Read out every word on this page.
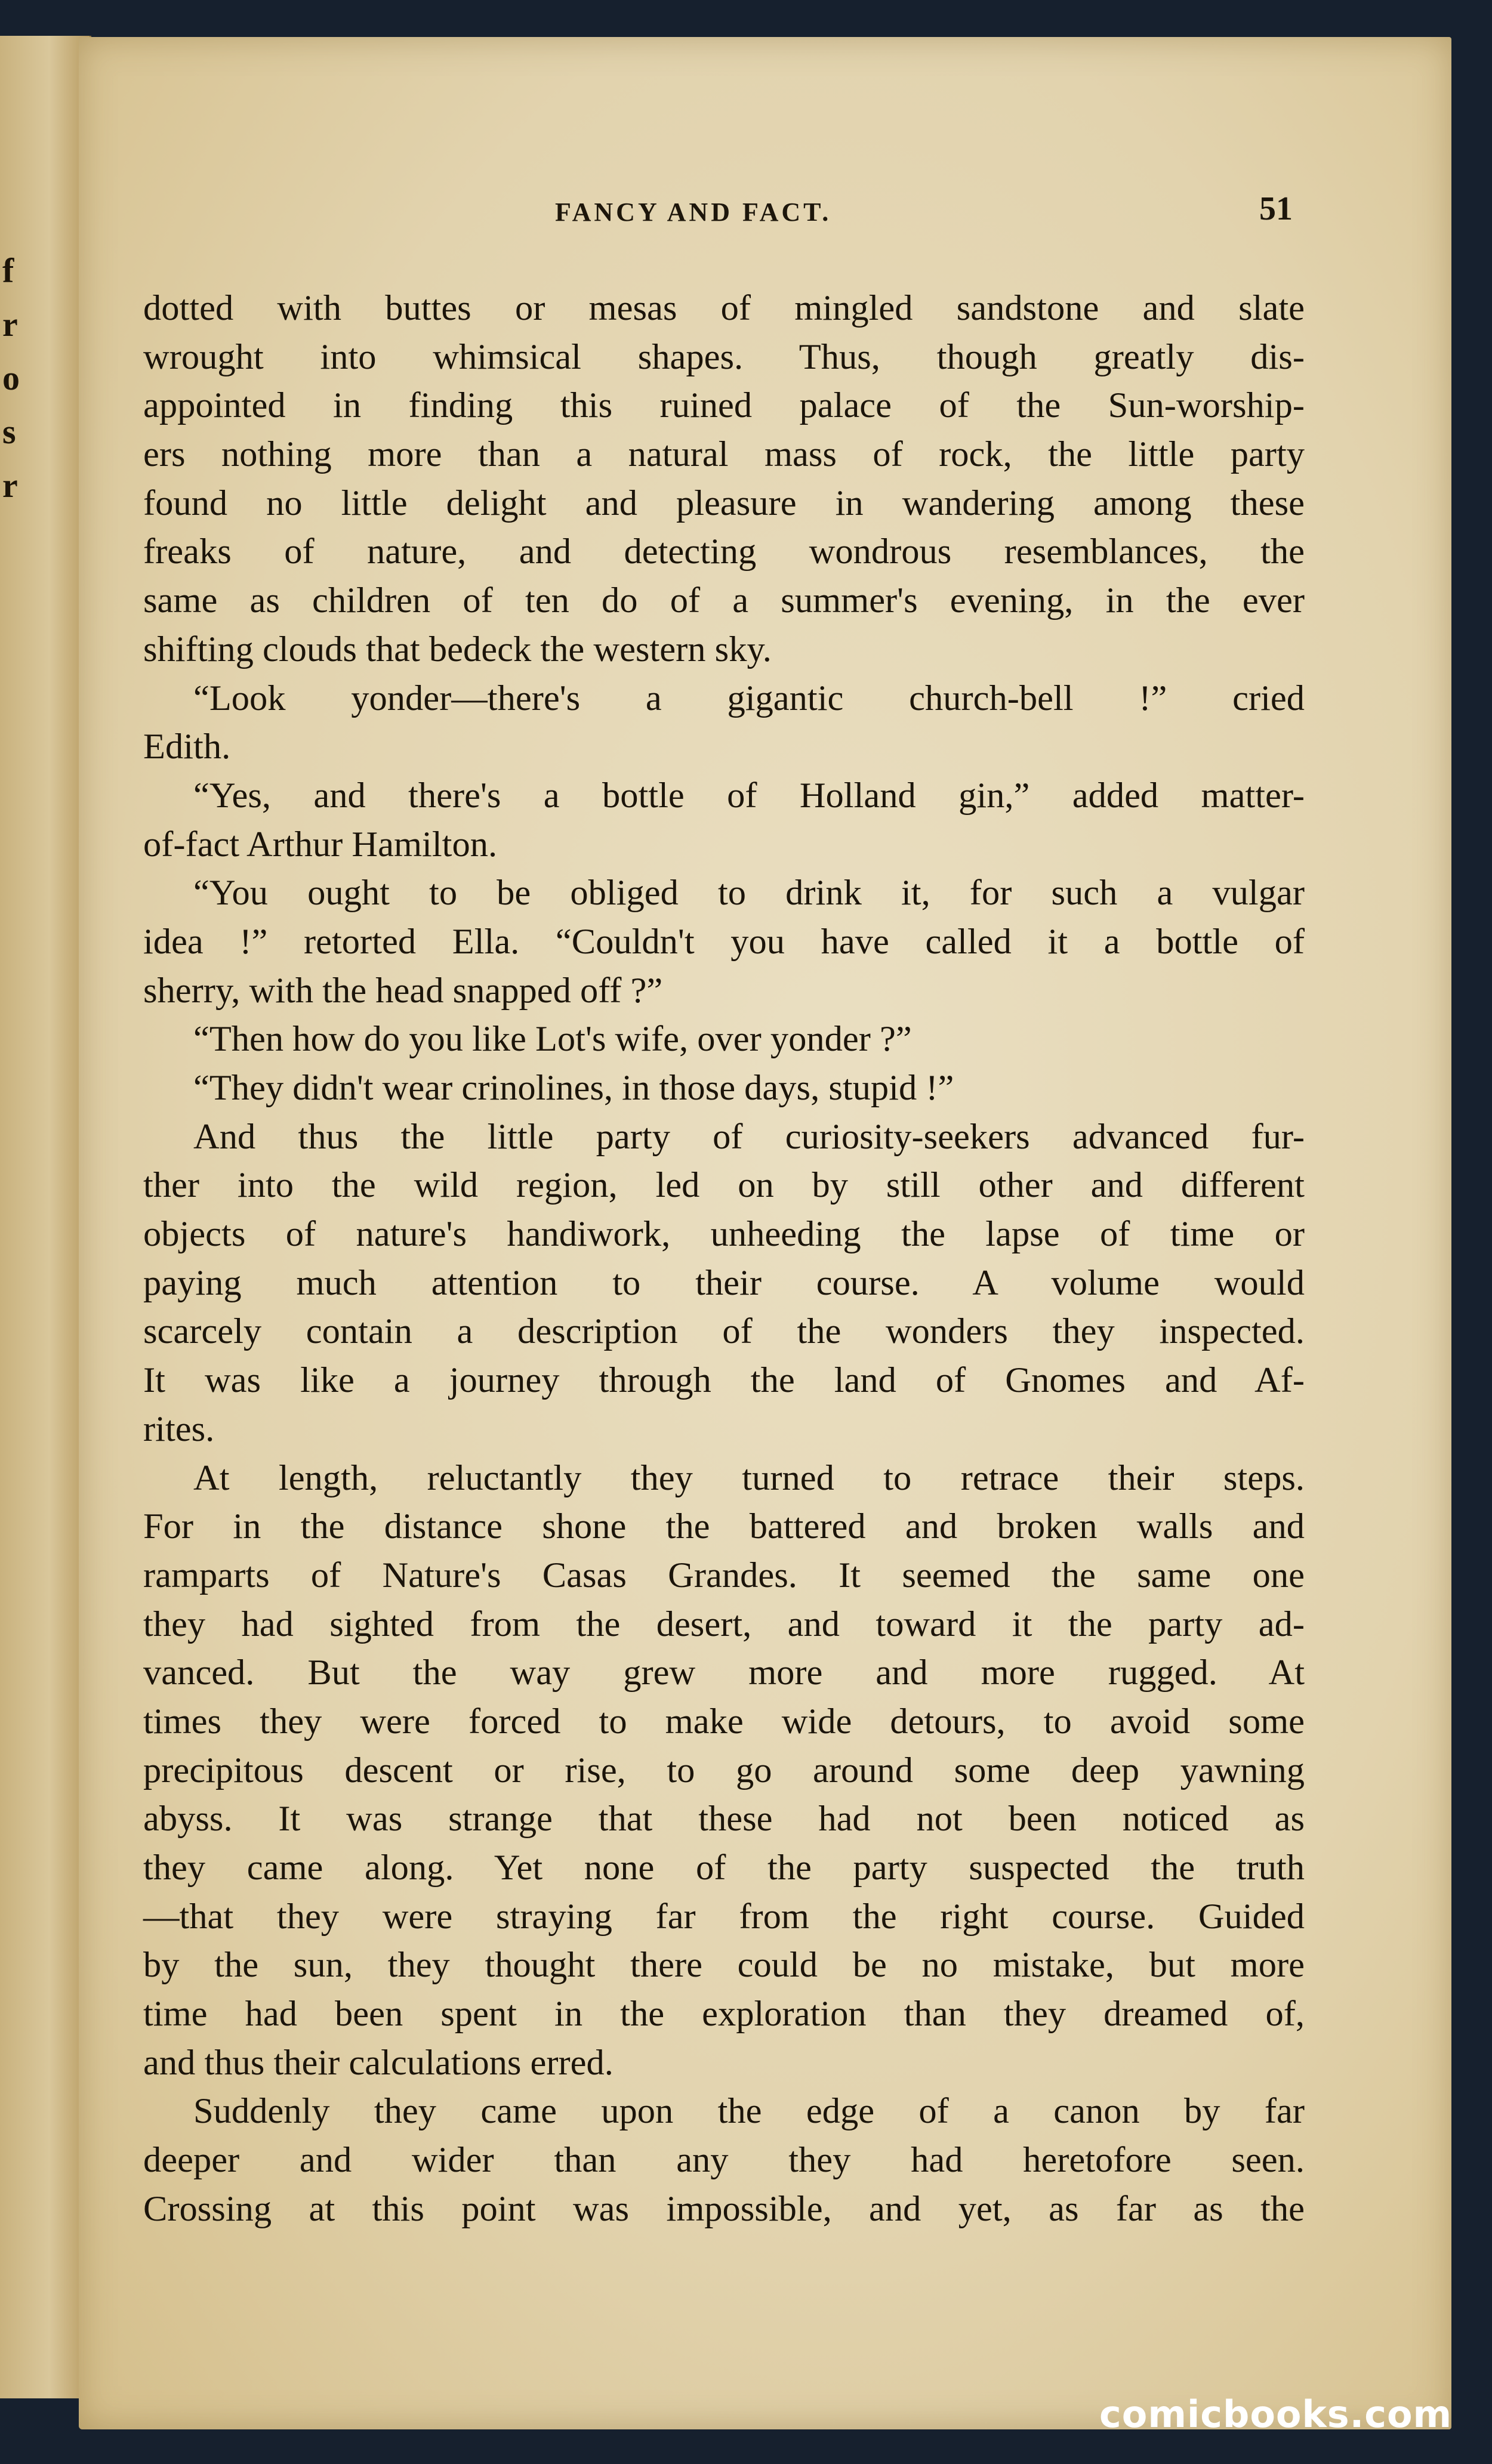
f
r
o
s
r
FANCY AND FACT.	51
dotted with buttes or mesas of mingled sandstone and slate
wrought into whimsical shapes. Thus, though greatly dis-
appointed in finding this ruined palace of the Sun-worship-
ers nothing more than a natural mass of rock, the little party
found no little delight and pleasure in wandering among these
freaks of nature, and detecting wondrous resemblances, the
same as children of ten do of a summer's evening, in the ever
shifting clouds that bedeck the western sky.
“Look yonder—there's a gigantic church-bell !” cried
Edith.
“Yes, and there's a bottle of Holland gin,” added matter-
of-fact Arthur Hamilton.
“You ought to be obliged to drink it, for such a vulgar
idea !” retorted Ella. “Couldn't you have called it a bottle of
sherry, with the head snapped off ?”
“Then how do you like Lot's wife, over yonder ?”
“They didn't wear crinolines, in those days, stupid !”
And thus the little party of curiosity-seekers advanced fur-
ther into the wild region, led on by still other and different
objects of nature's handiwork, unheeding the lapse of time or
paying much attention to their course. A volume would
scarcely contain a description of the wonders they inspected.
It was like a journey through the land of Gnomes and Af-
rites.
At length, reluctantly they turned to retrace their steps.
For in the distance shone the battered and broken walls and
ramparts of Nature's Casas Grandes. It seemed the same one
they had sighted from the desert, and toward it the party ad-
vanced. But the way grew more and more rugged. At
times they were forced to make wide detours, to avoid some
precipitous descent or rise, to go around some deep yawning
abyss. It was strange that these had not been noticed as
they came along. Yet none of the party suspected the truth
—that they were straying far from the right course. Guided
by the sun, they thought there could be no mistake, but more
time had been spent in the exploration than they dreamed of,
and thus their calculations erred.
Suddenly they came upon the edge of a canon by far
deeper and wider than any they had heretofore seen.
Crossing at this point was impossible, and yet, as far as the
comicbooks.com
